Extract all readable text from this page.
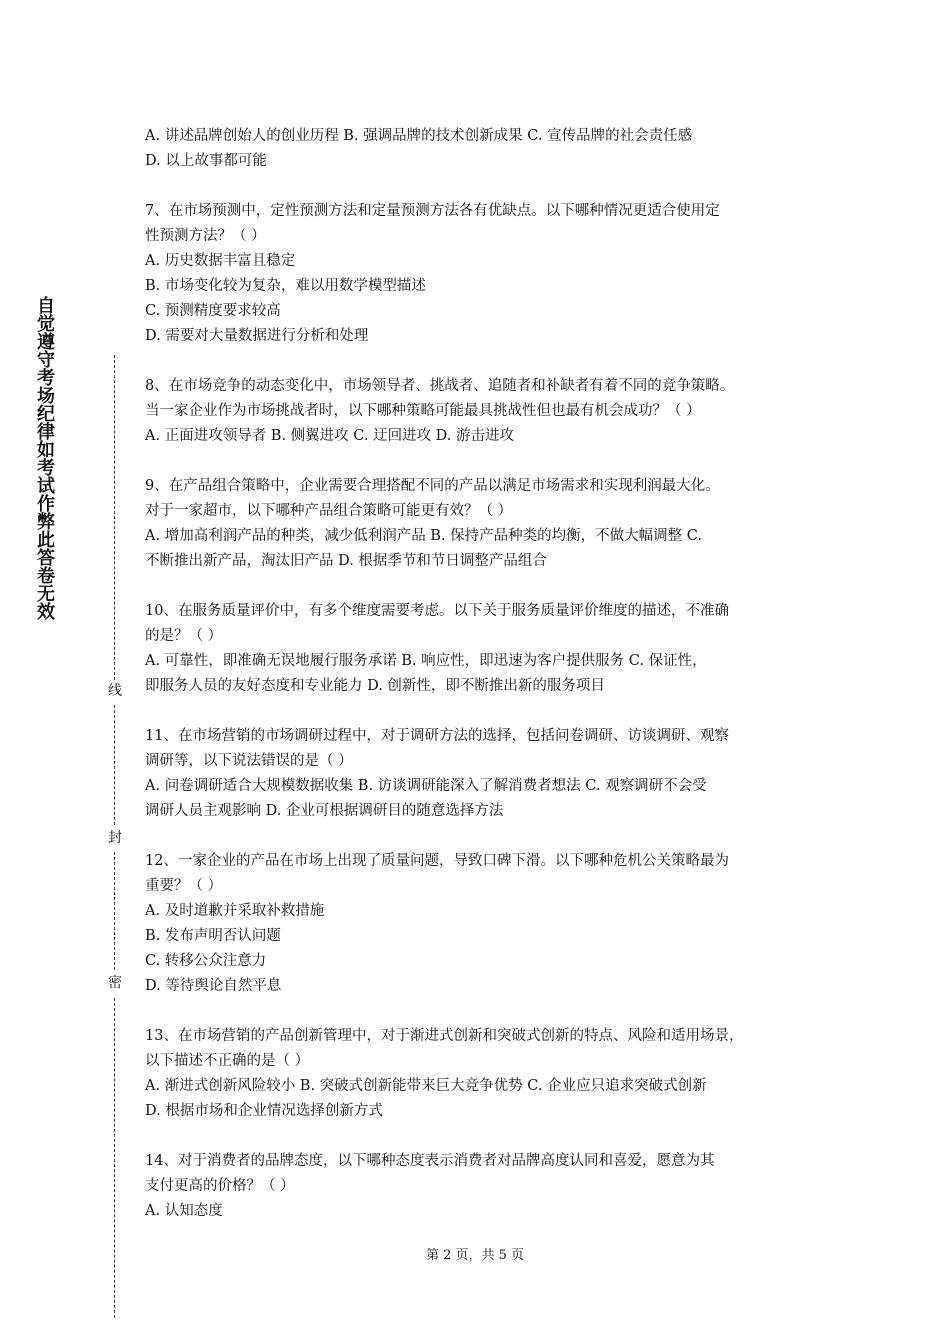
自觉遵守考场纪律如考试作弊此答卷无效
线
封
密
A. 讲述品牌创始人的创业历程 B. 强调品牌的技术创新成果 C. 宣传品牌的社会责任感
D. 以上故事都可能
7、在市场预测中，定性预测方法和定量预测方法各有优缺点。以下哪种情况更适合使用定
性预测方法？（ ）
A. 历史数据丰富且稳定
B. 市场变化较为复杂，难以用数学模型描述
C. 预测精度要求较高
D. 需要对大量数据进行分析和处理
8、在市场竞争的动态变化中，市场领导者、挑战者、追随者和补缺者有着不同的竞争策略。
当一家企业作为市场挑战者时，以下哪种策略可能最具挑战性但也最有机会成功？（ ）
A. 正面进攻领导者 B. 侧翼进攻 C. 迂回进攻 D. 游击进攻
9、在产品组合策略中，企业需要合理搭配不同的产品以满足市场需求和实现利润最大化。
对于一家超市，以下哪种产品组合策略可能更有效？（ ）
A. 增加高利润产品的种类，减少低利润产品 B. 保持产品种类的均衡，不做大幅调整 C.
不断推出新产品，淘汰旧产品 D. 根据季节和节日调整产品组合
10、在服务质量评价中，有多个维度需要考虑。以下关于服务质量评价维度的描述，不准确
的是？（ ）
A. 可靠性，即准确无误地履行服务承诺 B. 响应性，即迅速为客户提供服务 C. 保证性，
即服务人员的友好态度和专业能力 D. 创新性，即不断推出新的服务项目
11、在市场营销的市场调研过程中，对于调研方法的选择，包括问卷调研、访谈调研、观察
调研等，以下说法错误的是（ ）
A. 问卷调研适合大规模数据收集 B. 访谈调研能深入了解消费者想法 C. 观察调研不会受
调研人员主观影响 D. 企业可根据调研目的随意选择方法
12、一家企业的产品在市场上出现了质量问题，导致口碑下滑。以下哪种危机公关策略最为
重要？（ ）
A. 及时道歉并采取补救措施
B. 发布声明否认问题
C. 转移公众注意力
D. 等待舆论自然平息
13、在市场营销的产品创新管理中，对于渐进式创新和突破式创新的特点、风险和适用场景，
以下描述不正确的是（ ）
A. 渐进式创新风险较小 B. 突破式创新能带来巨大竞争优势 C. 企业应只追求突破式创新
D. 根据市场和企业情况选择创新方式
14、对于消费者的品牌态度，以下哪种态度表示消费者对品牌高度认同和喜爱，愿意为其
支付更高的价格？（ ）
A. 认知态度
第 2 页，共 5 页
